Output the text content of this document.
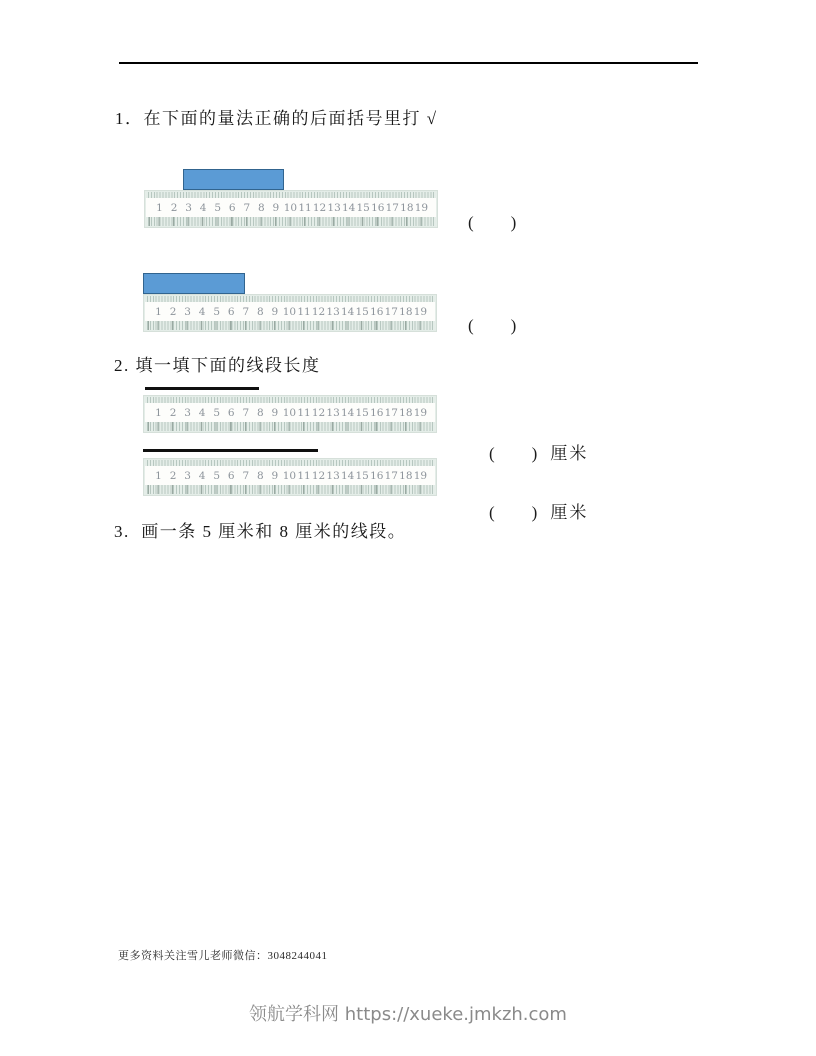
1．在下面的量法正确的后面括号里打 √
1 2 3 4 5 6 7 8 9 10 11 12 13 14 15 16 17 18 19
(　　)
1 2 3 4 5 6 7 8 9 10 11 12 13 14 15 16 17 18 19
(　　)
2. 填一填下面的线段长度
1 2 3 4 5 6 7 8 9 10 11 12 13 14 15 16 17 18 19

(　　) 厘米

1 2 3 4 5 6 7 8 9 10 11 12 13 14 15 16 17 18 19

(　　) 厘米

3.  画一条 5 厘米和 8 厘米的线段。
更多资料关注雪儿老师微信：3048244041
领航学科网 https://xueke.jmkzh.com
